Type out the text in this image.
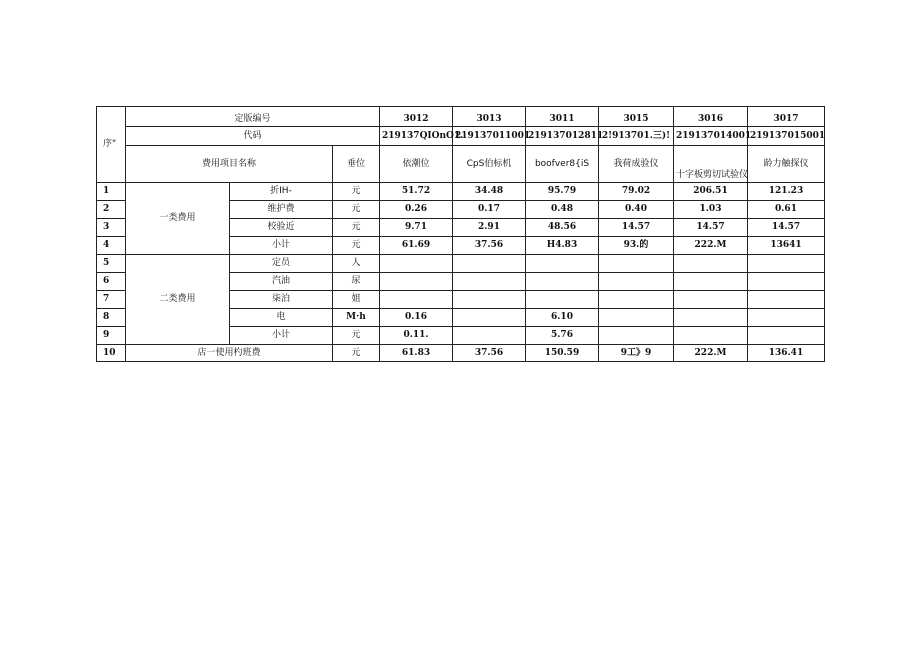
序"	定版编号			3012	3013	3011	3015	3016	3017
	代码			219137QIOnO1.	219137011001	219137012811	2!913701.三)!	219137014001	219137015001
	费用项目名称		垂位	依潮位	CpS伯标机	boofver8{iS	我荷成验仪	十字板剪切试验仪	龄力触探仪
1	一类费用	折IH-	元	51.72	34.48	95.79	79.02	206.51	121.23
2		维护费	元	0.26	0.17	0.48	0.40	1.03	0.61
3		校验近	元	9.71	2.91	48.56	14.57	14.57	14.57
4		小计	元	61.69	37.56	H4.83	93.的	222.M	13641
5	二类费用	定员	人						
6		汽油	尿						
7		柒泊	姐						
8		电	M·h	0.16		6.10			
9		小计	元	0.11.		5.76			
10	店一使用杓班费		元	61.83	37.56	150.59	9工》9	222.M	136.41
